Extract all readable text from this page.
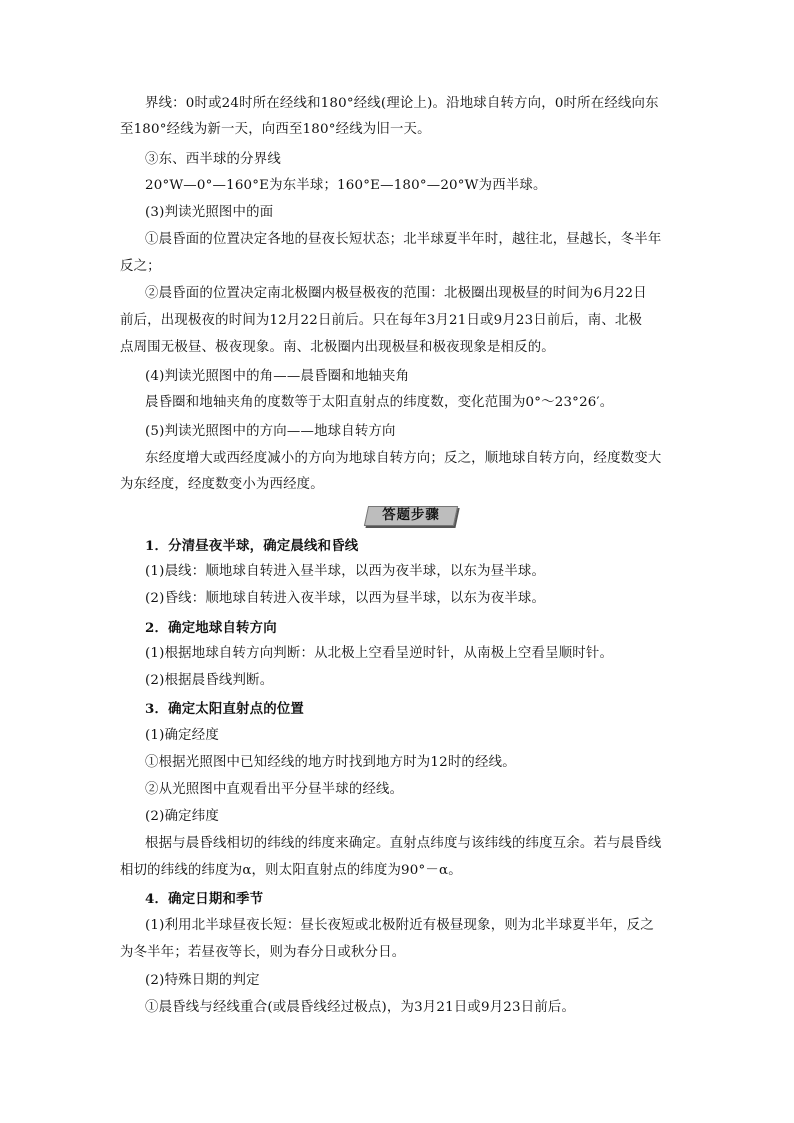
界线：0时或24时所在经线和180°经线(理论上)。沿地球自转方向，0时所在经线向东
至180°经线为新一天，向西至180°经线为旧一天。
③东、西半球的分界线
20°W—0°—160°E为东半球；160°E—180°—20°W为西半球。
(3)判读光照图中的面
①晨昏面的位置决定各地的昼夜长短状态；北半球夏半年时，越往北，昼越长，冬半年
反之；
②晨昏面的位置决定南北极圈内极昼极夜的范围：北极圈出现极昼的时间为6月22日
前后，出现极夜的时间为12月22日前后。只在每年3月21日或9月23日前后，南、北极
点周围无极昼、极夜现象。南、北极圈内出现极昼和极夜现象是相反的。
(4)判读光照图中的角——晨昏圈和地轴夹角
晨昏圈和地轴夹角的度数等于太阳直射点的纬度数，变化范围为0°～23°26′。
(5)判读光照图中的方向——地球自转方向
东经度增大或西经度减小的方向为地球自转方向；反之，顺地球自转方向，经度数变大
为东经度，经度数变小为西经度。
答题步骤
1．分清昼夜半球，确定晨线和昏线
(1)晨线：顺地球自转进入昼半球，以西为夜半球，以东为昼半球。
(2)昏线：顺地球自转进入夜半球，以西为昼半球，以东为夜半球。
2．确定地球自转方向
(1)根据地球自转方向判断：从北极上空看呈逆时针，从南极上空看呈顺时针。
(2)根据晨昏线判断。
3．确定太阳直射点的位置
(1)确定经度
①根据光照图中已知经线的地方时找到地方时为12时的经线。
②从光照图中直观看出平分昼半球的经线。
(2)确定纬度
根据与晨昏线相切的纬线的纬度来确定。直射点纬度与该纬线的纬度互余。若与晨昏线
相切的纬线的纬度为α，则太阳直射点的纬度为90°－α。
4．确定日期和季节
(1)利用北半球昼夜长短：昼长夜短或北极附近有极昼现象，则为北半球夏半年，反之
为冬半年；若昼夜等长，则为春分日或秋分日。
(2)特殊日期的判定
①晨昏线与经线重合(或晨昏线经过极点)，为3月21日或9月23日前后。
